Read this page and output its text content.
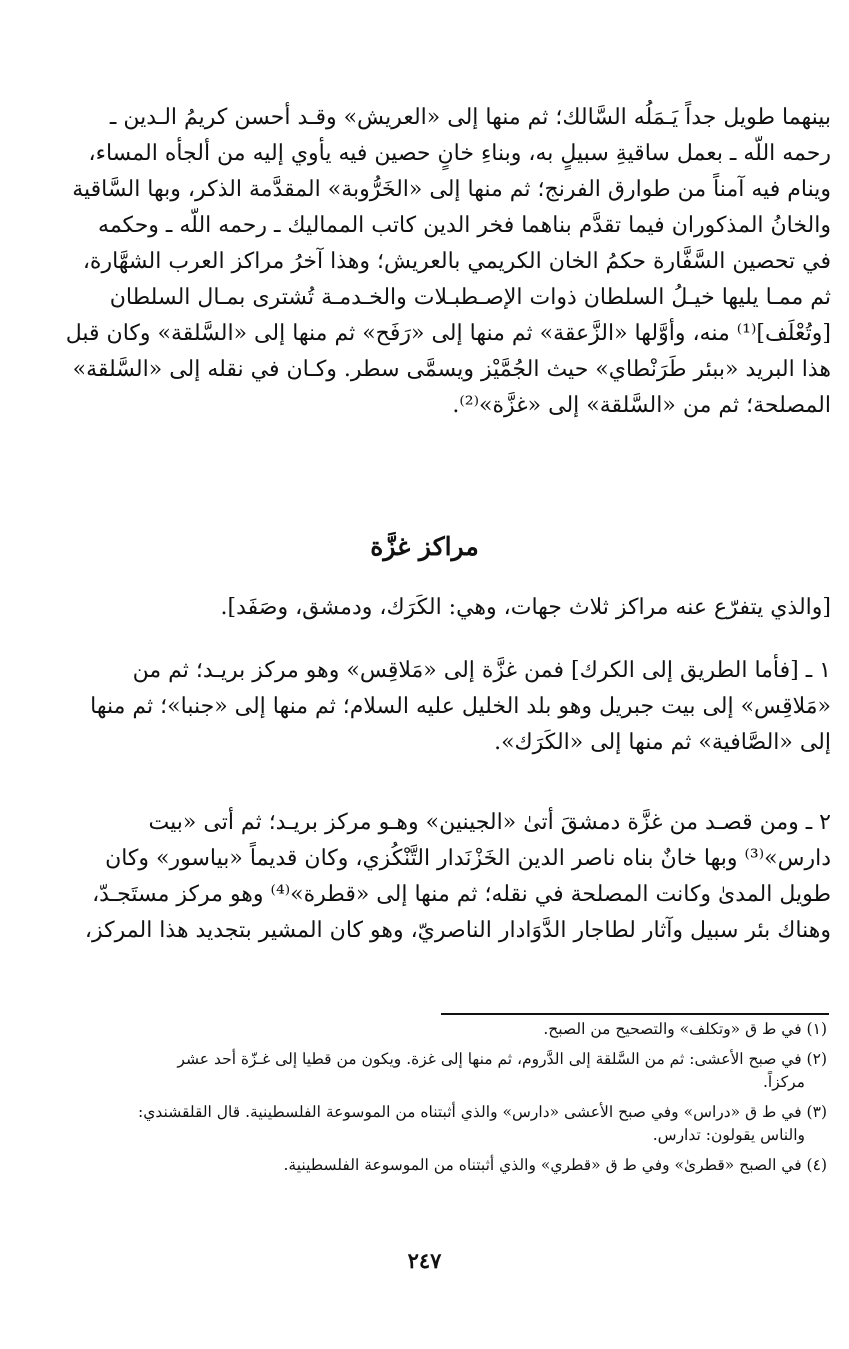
بينهما طويل جداً يَـمَلُه السَّالك؛ ثم منها إلى «العريش» وقـد أحسن كريمُ الـدين ـ
رحمه اللَّه ـ بعمل ساقيةِ سبيلٍ به، وبناءِ خانٍ حصين فيه يأوي إليه من ألجأه المساء،
وينام فيه آمناً من طوارق الفرنج؛ ثم منها إلى «الخَرُّوبة» المقدَّمة الذكر، وبها السَّاقية
والخانُ المذكوران فيما تقدَّم بناهما فخر الدين كاتب المماليك ـ رحمه اللَّه ـ وحكمه
في تحصين السَّفَّارة حكمُ الخان الكريمي بالعريش؛ وهذا آخرُ مراكز العرب الشهَّارة،
ثم ممـا يليها خيـلُ السلطان ذوات الإصـطبـلات والخـدمـة تُشترى بمـال السلطان
[وتُعْلَف]⁽¹⁾ منه، وأوَّلها «الزَّعقة» ثم منها إلى «رَفَح» ثم منها إلى «السَّلقة» وكان قبل
هذا البريد «ببئر طَرَنْطاي» حيث الجُمَّيْز ويسمَّى سطر. وكـان في نقله إلى «السَّلقة»
المصلحة؛ ثم من «السَّلقة» إلى «غزَّة»⁽²⁾.
مراكز غزَّة
[والذي يتفرّع عنه مراكز ثلاث جهات، وهي: الكَرَك، ودمشق، وصَفَد].
١ ـ [فأما الطريق إلى الكرك] فمن غزَّة إلى «مَلاقِس» وهو مركز بريـد؛ ثم من
«مَلاقِس» إلى بيت جبريل وهو بلد الخليل عليه السلام؛ ثم منها إلى «جنبا»؛ ثم منها
إلى «الصَّافية» ثم منها إلى «الكَرَك».
٢ ـ ومن قصـد من غزَّة دمشقَ أتىٰ «الجينين» وهـو مركز بريـد؛ ثم أتى «بيت
دارس»⁽³⁾ وبها خانٌ بناه ناصر الدين الخَزْنَدار التَّنْكُزي، وكان قديماً «بياسور» وكان
طويل المدىٰ وكانت المصلحة في نقله؛ ثم منها إلى «قطرة»⁽⁴⁾ وهو مركز مستَجـدّ،
وهناك بئر سبيل وآثار لطاجار الدَّوَادار الناصريّ، وهو كان المشير بتجديد هذا المركز،
(١) في ط ق «وتكلف» والتصحيح من الصبح.
(٢) في صبح الأعشى: ثم من السَّلقة إلى الدَّروم، ثم منها إلى غزة. ويكون من قطيا إلى غـزّة أحد عشر
مركزاً.
(٣) في ط ق «دراس» وفي صبح الأعشى «دارس» والذي أثبتناه من الموسوعة الفلسطينية. قال القلقشندي:
والناس يقولون: تدارس.
(٤) في الصبح «قطرىٰ» وفي ط ق «قطري» والذي أثبتناه من الموسوعة الفلسطينية.
٢٤٧
